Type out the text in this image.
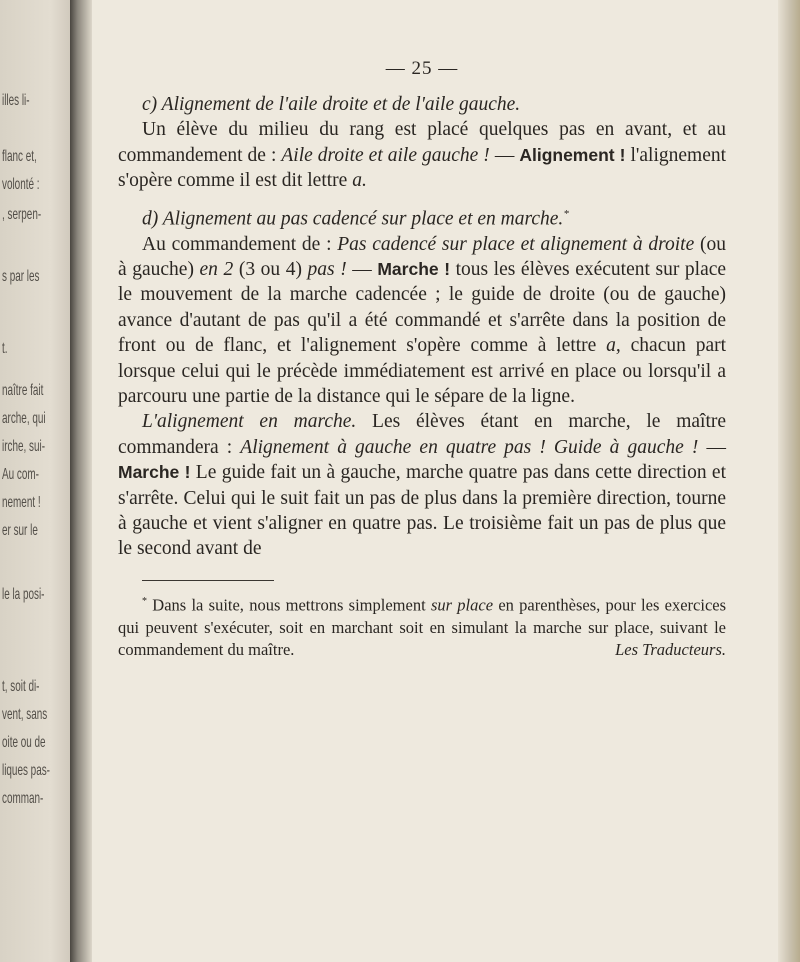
illes li-
flanc et,
volonté :
, serpen-
s par les
t.
naître fait
arche, qui
irche, sui-
Au com-
nement !
er sur le
le la posi-
t, soit di-
vent, sans
oite ou de
liques pas-
comman-

— 25 —

c) Alignement de l'aile droite et de l'aile gauche.

Un élève du milieu du rang est placé quelques pas en avant, et au commandement de : Aile droite et aile gauche ! — Alignement ! l'alignement s'opère comme il est dit lettre a.

d) Alignement au pas cadencé sur place et en marche.*

Au commandement de : Pas cadencé sur place et alignement à droite (ou à gauche) en 2 (3 ou 4) pas ! — Marche ! tous les élèves exécutent sur place le mouvement de la marche cadencée ; le guide de droite (ou de gauche) avance d'autant de pas qu'il a été commandé et s'arrête dans la position de front ou de flanc, et l'alignement s'opère comme à lettre a, chacun part lorsque celui qui le précède immédiatement est arrivé en place ou lorsqu'il a parcouru une partie de la distance qui le sépare de la ligne.

L'alignement en marche. Les élèves étant en marche, le maître commandera : Alignement à gauche en quatre pas ! Guide à gauche ! — Marche ! Le guide fait un à gauche, marche quatre pas dans cette direction et s'arrête. Celui qui le suit fait un pas de plus dans la première direction, tourne à gauche et vient s'aligner en quatre pas. Le troisième fait un pas de plus que le second avant de

* Dans la suite, nous mettrons simplement sur place en parenthèses, pour les exercices qui peuvent s'exécuter, soit en marchant soit en simulant la marche sur place, suivant le commandement du maître.	Les Traducteurs.
